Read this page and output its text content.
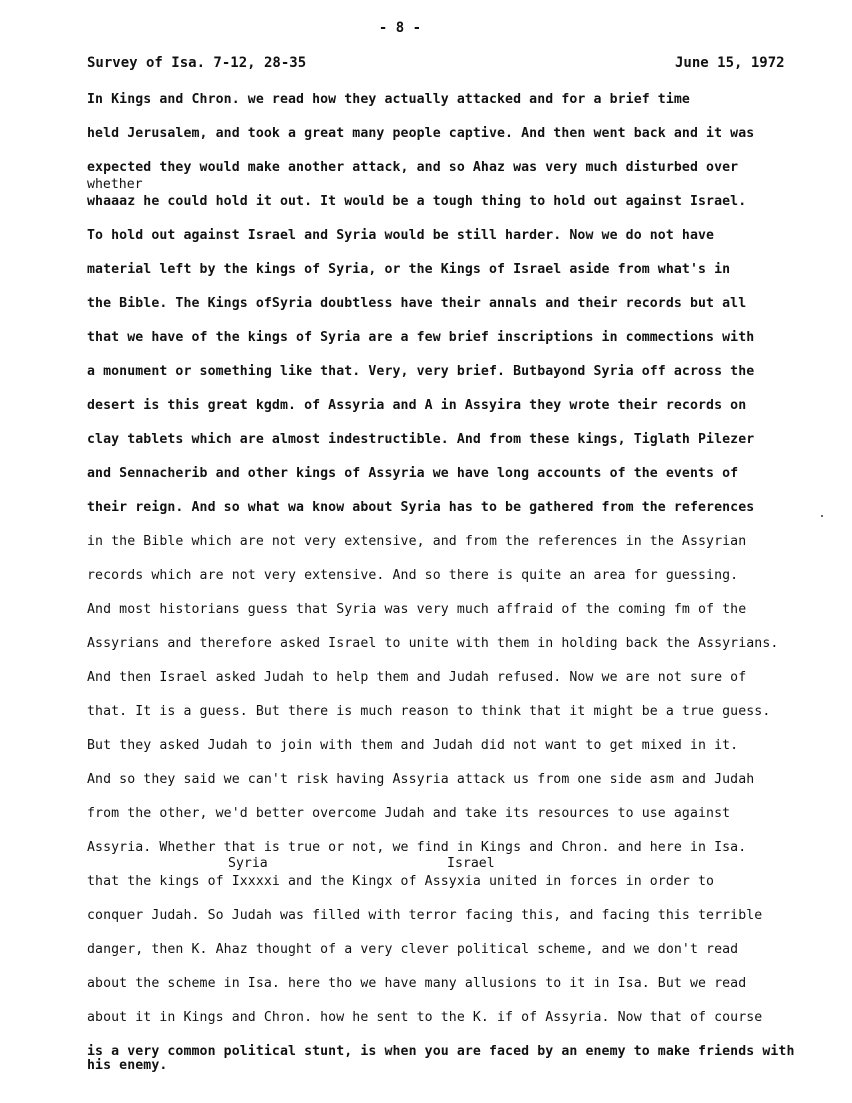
- 8 -
Survey of Isa. 7-12, 28-35	June 15, 1972
In Kings and Chron. we read how they actually attacked and for a brief time
held Jerusalem, and took a great many people captive. And then went back and it was
expected they would make another attack, and so Ahaz was very much disturbed over
whether
whaaaz he could hold it out. It would be a tough thing to hold out against Israel.
To hold out against Israel and Syria would be still harder. Now we do not have
material left by the kings of Syria, or the Kings of Israel aside from what's in
the Bible. The Kings ofSyria doubtless have their annals and their records but all
that we have of the kings of Syria are a few brief inscriptions in commections with
a monument or something like that. Very, very brief. Butbayond Syria off across the
desert is this great kgdm. of Assyria and A in Assyira they wrote their records on
clay tablets which are almost indestructible. And from these kings, Tiglath Pilezer
and Sennacherib and other kings of Assyria we have long accounts of the events of
their reign. And so what wa know about Syria has to be gathered from the references
in the Bible which are not very extensive, and from the references in the Assyrian
records which are not very extensive. And so there is quite an area for guessing.
And most historians guess that Syria was very much affraid of the coming fm of the
Assyrians and therefore asked Israel to unite with them in holding back the Assyrians.
And then Israel asked Judah to help them and Judah refused. Now we are not sure of
that. It is a guess. But there is much reason to think that it might be a true guess.
But they asked Judah to join with them and Judah did not want to get mixed in it.
And so they said we can't risk having Assyria attack us from one side asm and Judah
from the other, we'd better overcome Judah and take its resources to use against
Assyria. Whether that is true or not, we find in Kings and Chron. and here in Isa.
Syria	Israel
that the kings of Ixxxxi and the Kingx of Assyxia united in forces in order to
conquer Judah. So Judah was filled with terror facing this, and facing this terrible
danger, then K. Ahaz thought of a very clever political scheme, and we don't read
about the scheme in Isa. here tho we have many allusions to it in Isa. But we read
about it in Kings and Chron. how he sent to the K. if of Assyria. Now that of course
is a very common political stunt, is when you are faced by an enemy to make friends with
his enemy.
